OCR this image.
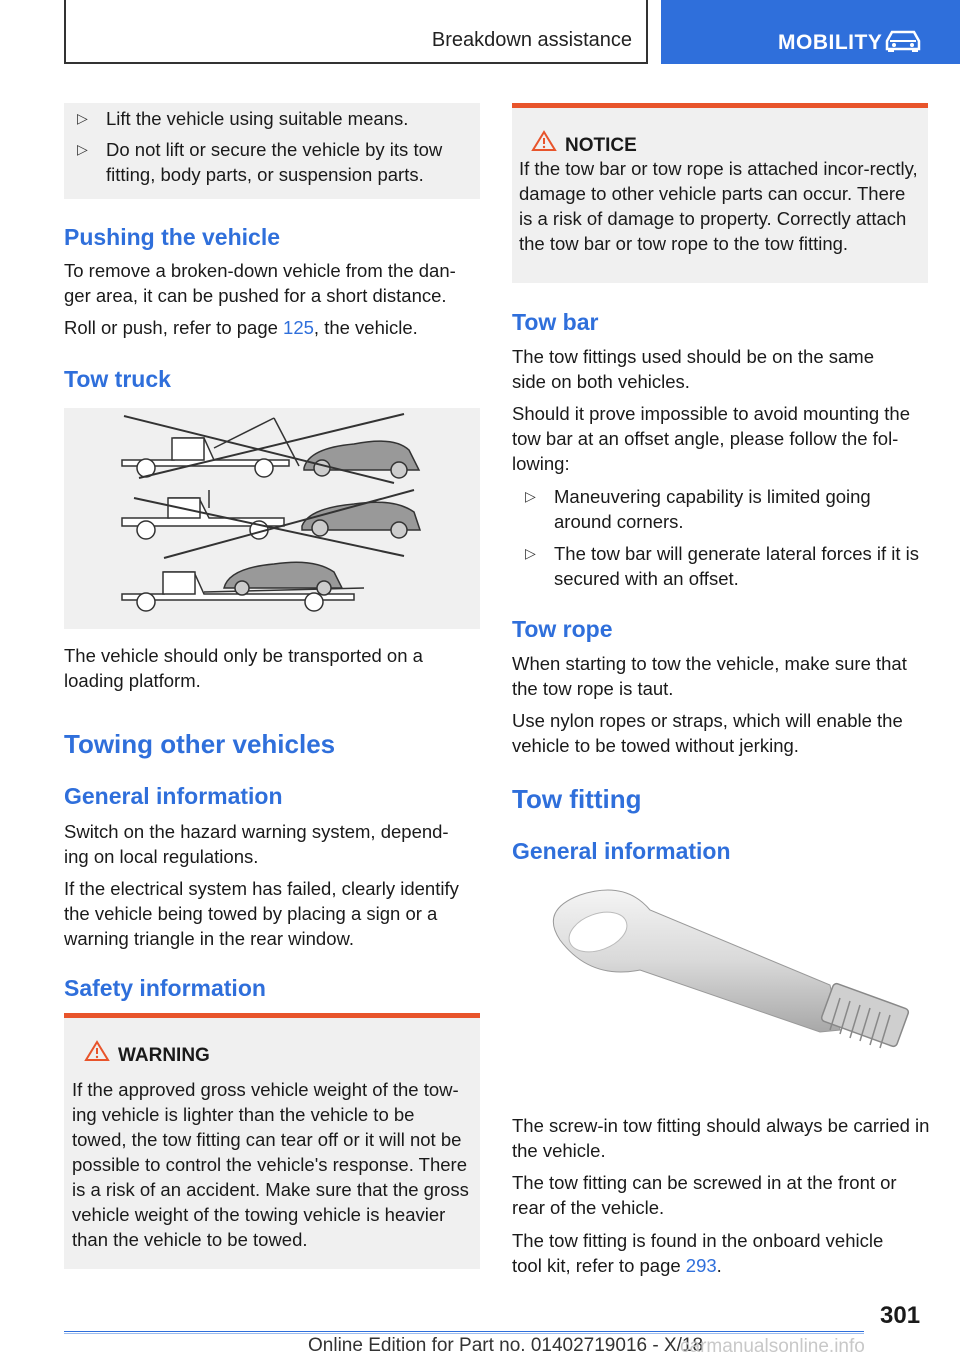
Breakdown assistance	MOBILITY
▷ Lift the vehicle using suitable means.
▷ Do not lift or secure the vehicle by its tow fitting, body parts, or suspension parts.
Pushing the vehicle

To remove a broken-down vehicle from the dan-
ger area, it can be pushed for a short distance.

Roll or push, refer to page 125, the vehicle.

Tow truck

The vehicle should only be transported on a loading platform.

Towing other vehicles
General information

Switch on the hazard warning system, depend-ing on local regulations.

If the electrical system has failed, clearly identify the vehicle being towed by placing a sign or a warning triangle in the rear window.

Safety information
WARNING

If the approved gross vehicle weight of the tow-ing vehicle is lighter than the vehicle to be towed, the tow fitting can tear off or it will not be possible to control the vehicle's response. There is a risk of an accident. Make sure that the gross vehicle weight of the towing vehicle is heavier than the vehicle to be towed.

NOTICE

If the tow bar or tow rope is attached incor-rectly, damage to other vehicle parts can occur. There is a risk of damage to property. Correctly attach the tow bar or tow rope to the tow fitting.

Tow bar

The tow fittings used should be on the same side on both vehicles.

Should it prove impossible to avoid mounting the tow bar at an offset angle, please follow the fol-lowing:

▷ Maneuvering capability is limited going around corners.
▷ The tow bar will generate lateral forces if it is secured with an offset.
Tow rope

When starting to tow the vehicle, make sure that the tow rope is taut.

Use nylon ropes or straps, which will enable the vehicle to be towed without jerking.

Tow fitting
General information

The screw-in tow fitting should always be carried in the vehicle.

The tow fitting can be screwed in at the front or rear of the vehicle.

The tow fitting is found in the onboard vehicle tool kit, refer to page 293.

301
Online Edition for Part no. 01402719016 - X/18
carmanualsonline.info
